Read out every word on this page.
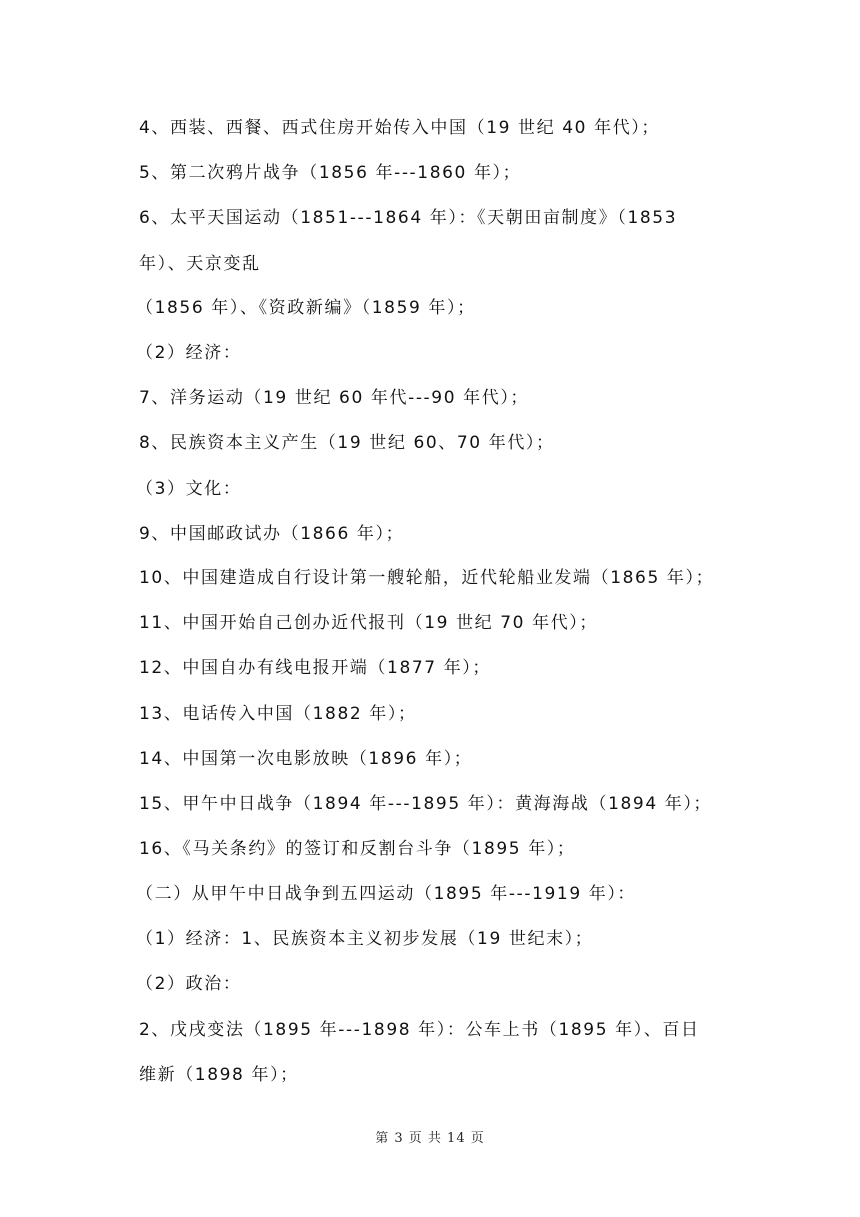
4、西装、西餐、西式住房开始传入中国（19 世纪 40 年代）；
5、第二次鸦片战争（1856 年---1860 年）；
6、太平天国运动（1851---1864 年）：《天朝田亩制度》（1853
年）、天京变乱
（1856 年）、《资政新编》（1859 年）；
（2）经济：
7、洋务运动（19 世纪 60 年代---90 年代）；
8、民族资本主义产生（19 世纪 60、70 年代）；
（3）文化：
9、中国邮政试办（1866 年）；
10、中国建造成自行设计第一艘轮船，近代轮船业发端（1865 年）；
11、中国开始自己创办近代报刊（19 世纪 70 年代）；
12、中国自办有线电报开端（1877 年）；
13、电话传入中国（1882 年）；
14、中国第一次电影放映（1896 年）；
15、甲午中日战争（1894 年---1895 年）：黄海海战（1894 年）；
16、《马关条约》的签订和反割台斗争（1895 年）；
（二）从甲午中日战争到五四运动（1895 年---1919 年）：
（1）经济：1、民族资本主义初步发展（19 世纪末）；
（2）政治：
2、戊戌变法（1895 年---1898 年）：公车上书（1895 年）、百日
维新（1898 年）；
第 3 页 共 14 页
